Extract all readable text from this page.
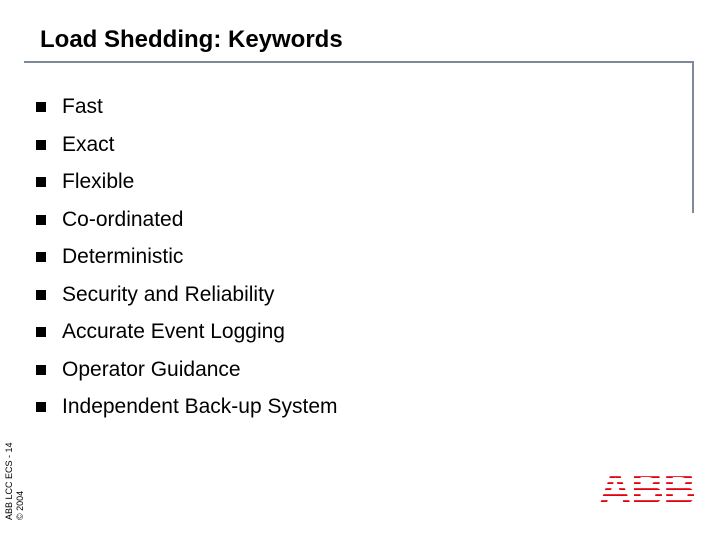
Load Shedding: Keywords
Fast
Exact
Flexible
Co-ordinated
Deterministic
Security and Reliability
Accurate Event Logging
Operator Guidance
Independent Back-up System
ABB LCC ECS - 14 © 2004
